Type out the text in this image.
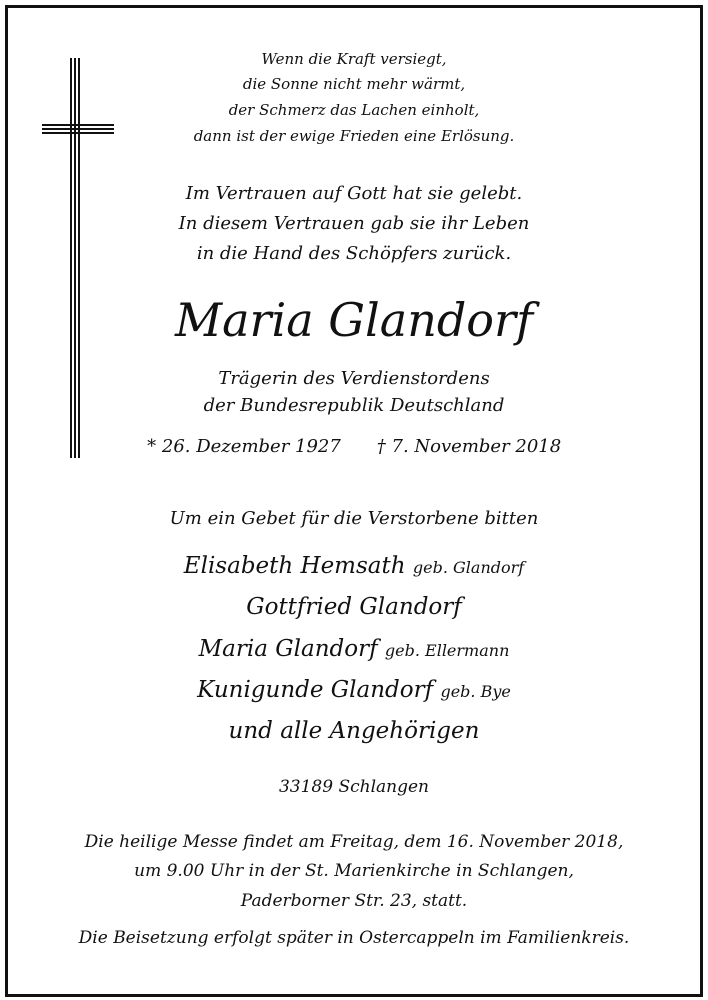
Wenn die Kraft versiegt,
die Sonne nicht mehr wärmt,
der Schmerz das Lachen einholt,
dann ist der ewige Frieden eine Erlösung.
Im Vertrauen auf Gott hat sie gelebt.
In diesem Vertrauen gab sie ihr Leben
in die Hand des Schöpfers zurück.
Maria Glandorf
Trägerin des Verdienstordens
der Bundesrepublik Deutschland
* 26. Dezember 1927	† 7. November 2018
Um ein Gebet für die Verstorbene bitten
Elisabeth Hemsath geb. Glandorf
Gottfried Glandorf
Maria Glandorf geb. Ellermann
Kunigunde Glandorf geb. Bye
und alle Angehörigen
33189 Schlangen
Die heilige Messe findet am Freitag, dem 16. November 2018,
um 9.00 Uhr in der St. Marienkirche in Schlangen,
Paderborner Str. 23, statt.
Die Beisetzung erfolgt später in Ostercappeln im Familienkreis.
